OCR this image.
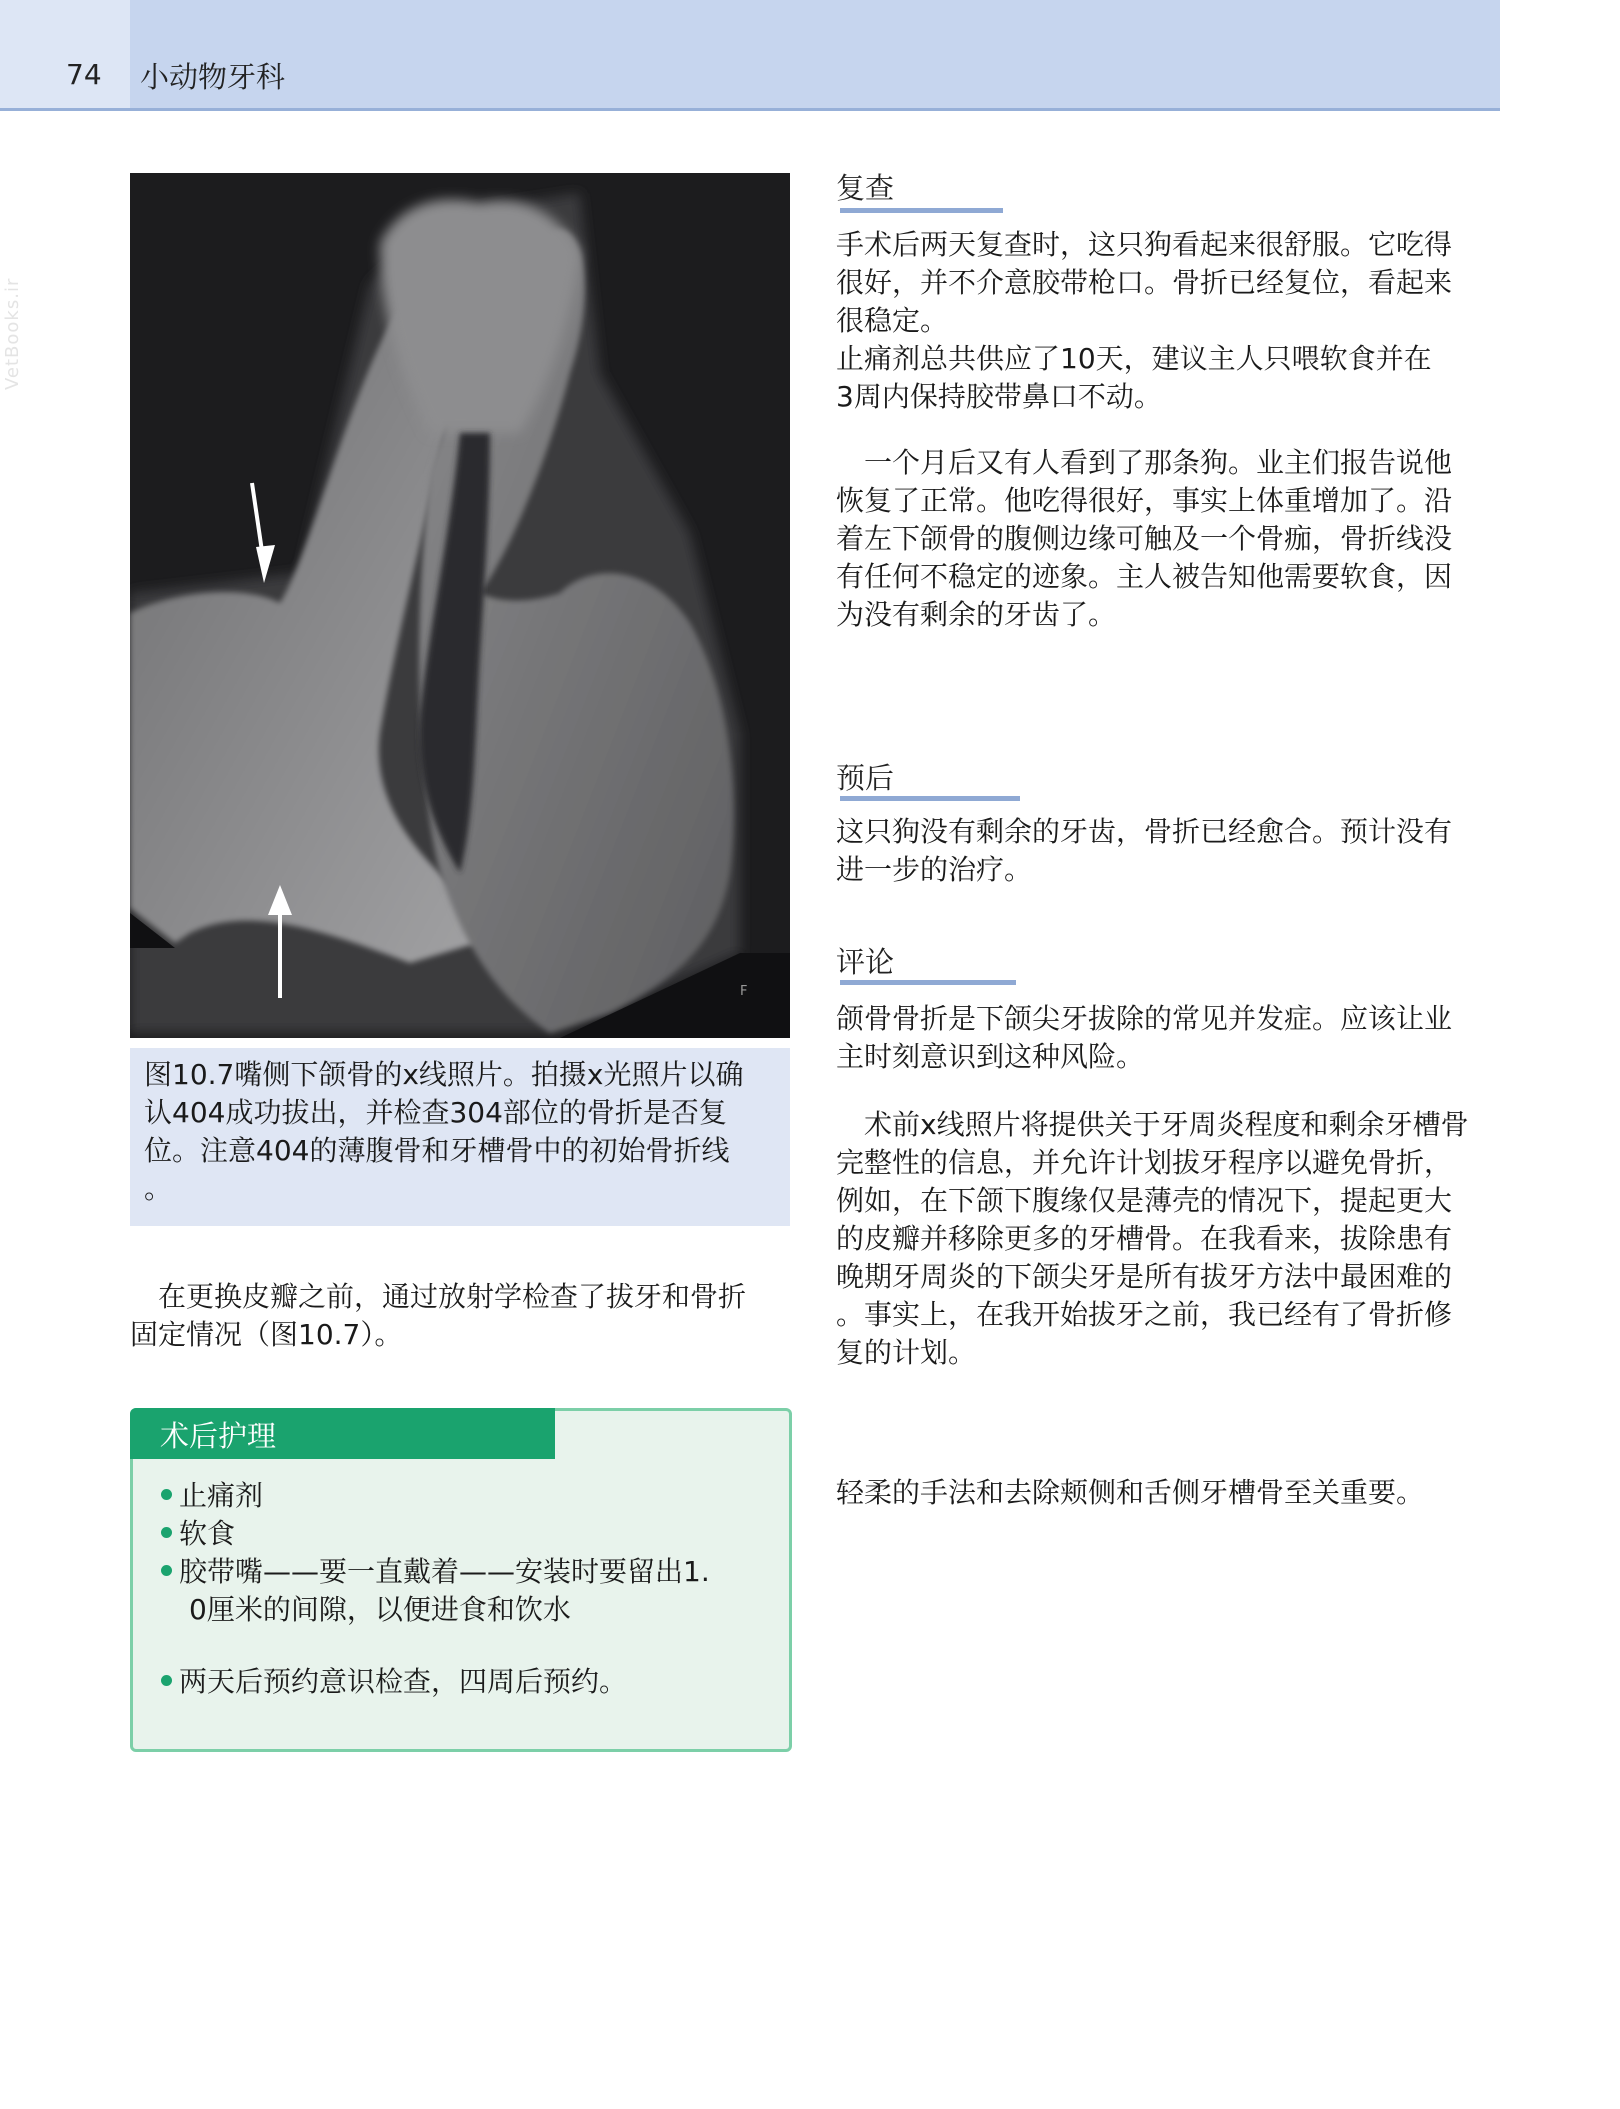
74 小动物牙科
VetBooks.ir
F
图10.7嘴侧下颌骨的x线照片。拍摄x光照片以确
认404成功拔出，并检查304部位的骨折是否复
位。注意404的薄腹骨和牙槽骨中的初始骨折线
。
　在更换皮瓣之前，通过放射学检查了拔牙和骨折
固定情况（图10.7）。
术后护理
止痛剂
软食
胶带嘴——要一直戴着——安装时要留出1.
0厘米的间隙，以便进食和饮水
两天后预约意识检查，四周后预约。
复查
手术后两天复查时，这只狗看起来很舒服。它吃得
很好，并不介意胶带枪口。骨折已经复位，看起来
很稳定。
止痛剂总共供应了10天，建议主人只喂软食并在
3周内保持胶带鼻口不动。
　一个月后又有人看到了那条狗。业主们报告说他
恢复了正常。他吃得很好，事实上体重增加了。沿
着左下颌骨的腹侧边缘可触及一个骨痂，骨折线没
有任何不稳定的迹象。主人被告知他需要软食，因
为没有剩余的牙齿了。
预后
这只狗没有剩余的牙齿，骨折已经愈合。预计没有
进一步的治疗。
评论
颌骨骨折是下颌尖牙拔除的常见并发症。应该让业
主时刻意识到这种风险。
　术前x线照片将提供关于牙周炎程度和剩余牙槽骨
完整性的信息，并允许计划拔牙程序以避免骨折，
例如，在下颌下腹缘仅是薄壳的情况下，提起更大
的皮瓣并移除更多的牙槽骨。在我看来，拔除患有
晚期牙周炎的下颌尖牙是所有拔牙方法中最困难的
。事实上，在我开始拔牙之前，我已经有了骨折修
复的计划。
轻柔的手法和去除颊侧和舌侧牙槽骨至关重要。
